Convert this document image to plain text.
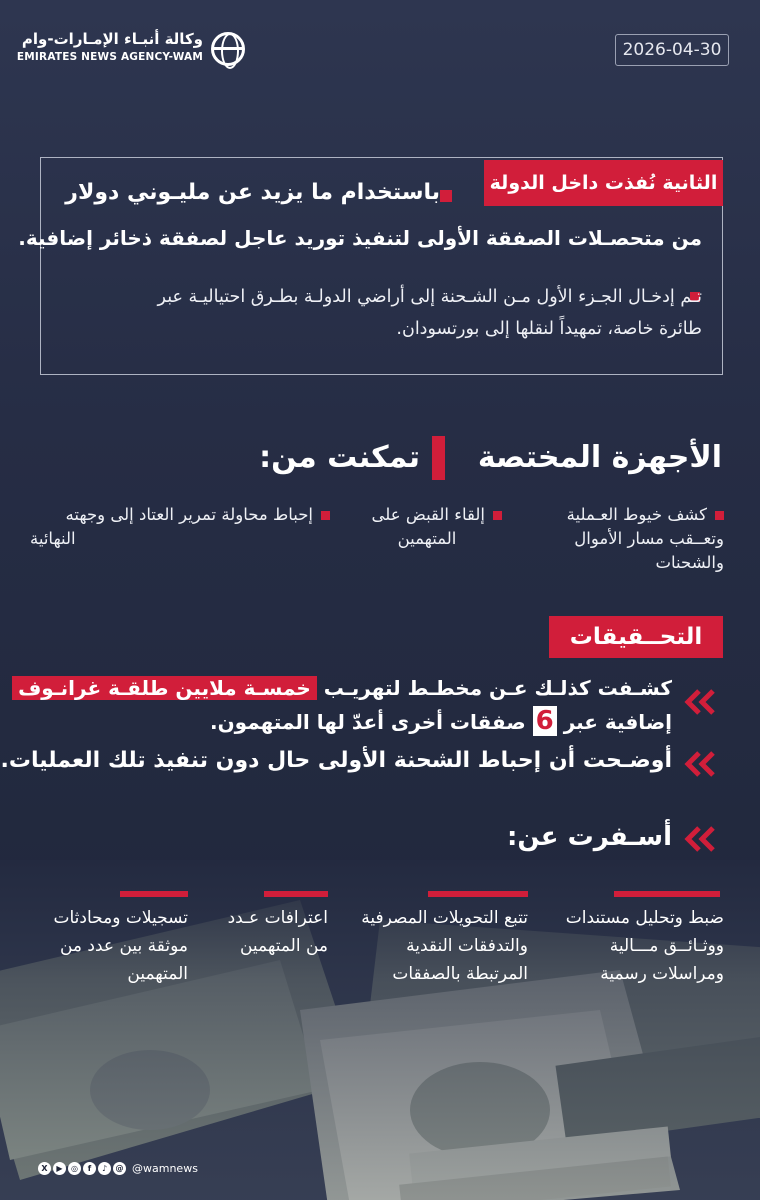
2026-04-30
وكالة أنبـاء الإمـارات-وام
EMIRATES NEWS AGENCY-WAM
الثانية نُفذت داخل الدولة
باستخدام ما يزيد عن مليـوني دولار
من متحصـلات الصفقة الأولى لتنفيذ توريد عاجل لصفقة ذخائر إضافية.
تـم إدخـال الجـزء الأول مـن الشـحنة إلى أراضي الدولـة بطـرق احتياليـة عبر
طائرة خاصة، تمهيداً لنقلها إلى بورتسودان.
الأجهزة المختصة
تمكنت من:
كشف خيوط العـملية
وتعــقب مسار الأموال
والشحنات
إلقاء القبض على
المتهمين
إحباط محاولة تمرير العتاد إلى وجهته
النهائية
التحــقيقات
كشـفت كذلـك عـن مخطـط لتهريـب خمسـة ملايين طلقـة غرانـوف
إضافية عبر 6 صفقات أخرى أعدّ لها المتهمون.
أوضـحت أن إحباط الشحنة الأولى حال دون تنفيذ تلك العمليات.
أسـفرت عن:
ضبط وتحليل مستندات
ووثـائــق مـــالية
ومراسلات رسمية
تتبع التحويلات المصرفية
والتدفقات النقدية
المرتبطة بالصفقات
اعترافات عـدد
من المتهمين
تسجيلات ومحادثات
موثقة بين عدد من
المتهمين
X	▶	◎	f	♪	@ @wamnews
